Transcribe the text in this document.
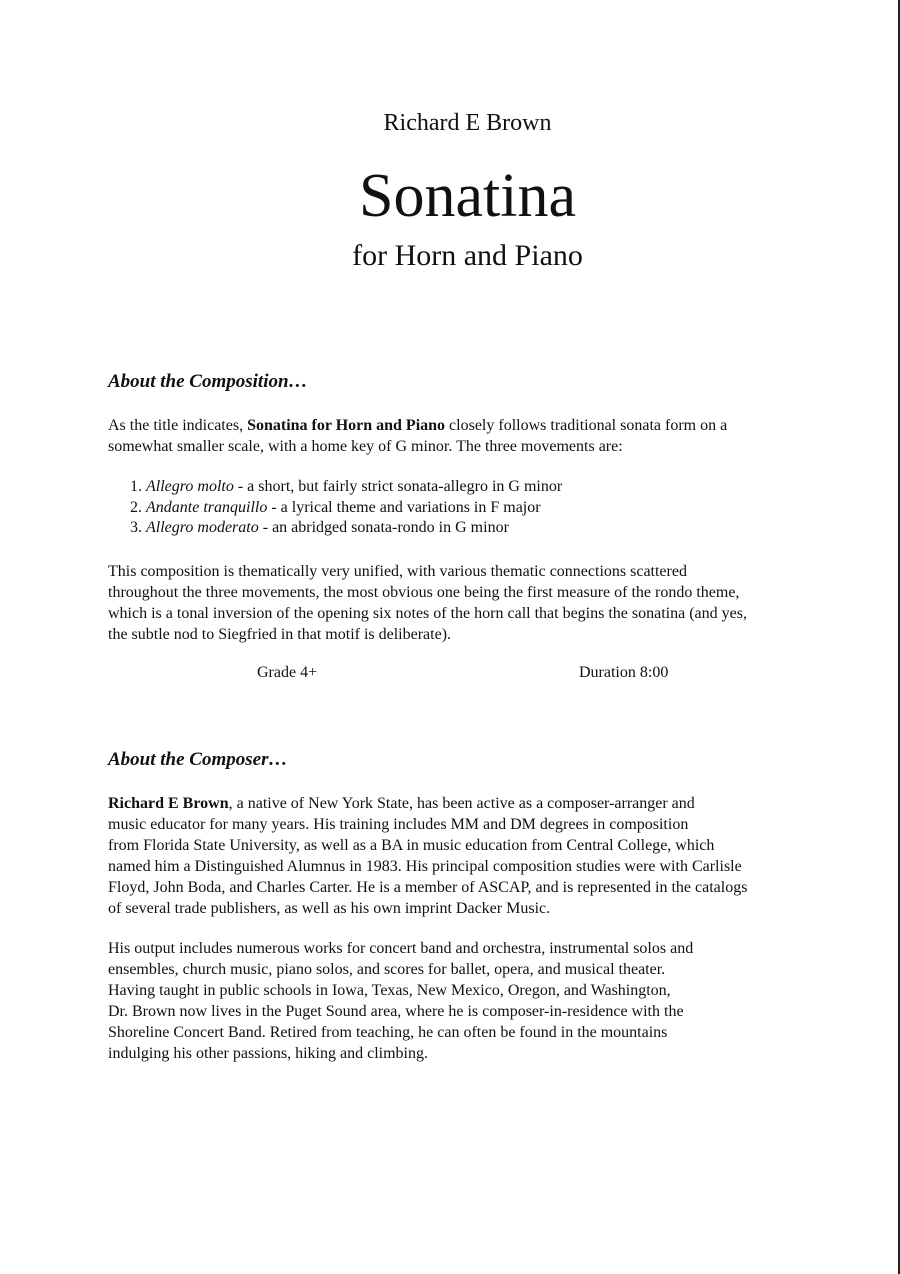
Richard E Brown
Sonatina
for Horn and Piano
About the Composition…
As the title indicates, Sonatina for Horn and Piano closely follows traditional sonata form on a
somewhat smaller scale, with a home key of G minor. The three movements are:
1. Allegro molto - a short, but fairly strict sonata-allegro in G minor
2. Andante tranquillo - a lyrical theme and variations in F major
3. Allegro moderato - an abridged sonata-rondo in G minor
This composition is thematically very unified, with various thematic connections scattered
throughout the three movements, the most obvious one being the first measure of the rondo theme,
which is a tonal inversion of the opening six notes of the horn call that begins the sonatina (and yes,
the subtle nod to Siegfried in that motif is deliberate).
Grade 4+	Duration 8:00
About the Composer…
Richard E Brown, a native of New York State, has been active as a composer-arranger and
music educator for many years. His training includes MM and DM degrees in composition
from Florida State University, as well as a BA in music education from Central College, which
named him a Distinguished Alumnus in 1983. His principal composition studies were with Carlisle
Floyd, John Boda, and Charles Carter. He is a member of ASCAP, and is represented in the catalogs
of several trade publishers, as well as his own imprint Dacker Music.
His output includes numerous works for concert band and orchestra, instrumental solos and
ensembles, church music, piano solos, and scores for ballet, opera, and musical theater.
Having taught in public schools in Iowa, Texas, New Mexico, Oregon, and Washington,
Dr. Brown now lives in the Puget Sound area, where he is composer-in-residence with the
Shoreline Concert Band. Retired from teaching, he can often be found in the mountains
indulging his other passions, hiking and climbing.
